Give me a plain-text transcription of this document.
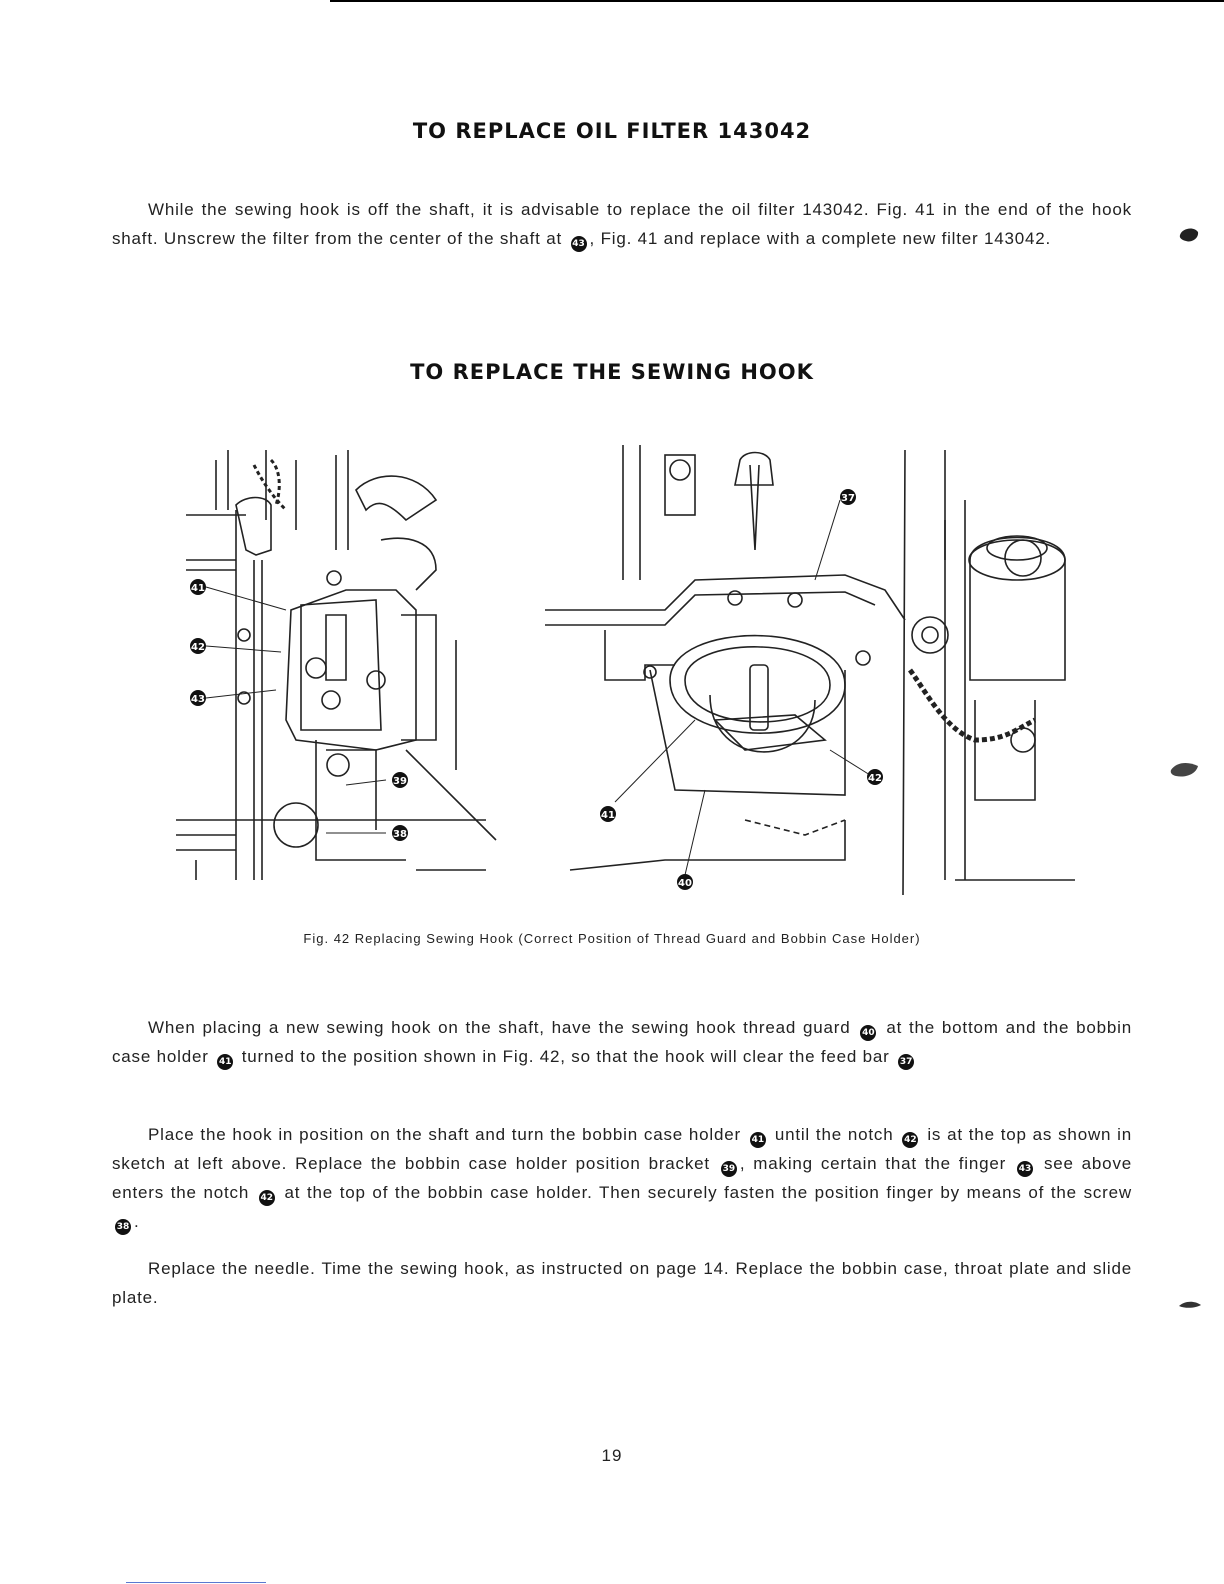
TO REPLACE OIL FILTER 143042

While the sewing hook is off the shaft, it is advisable to replace the oil filter 143042. Fig. 41 in the end of the hook shaft. Unscrew the filter from the center of the shaft at 43 , Fig. 41 and replace with a complete new filter 143042.

TO REPLACE THE SEWING HOOK
41
42
43
39
38
37
42
41
40
Fig. 42 Replacing Sewing Hook (Correct Position of Thread Guard and Bobbin Case Holder)

When placing a new sewing hook on the shaft, have the sewing hook thread guard 40 at the bottom and the bobbin case holder 41 turned to the position shown in Fig. 42, so that the hook will clear the feed bar 37

Place the hook in position on the shaft and turn the bobbin case holder 41 until the notch 42 is at the top as shown in sketch at left above. Replace the bobbin case holder position bracket 39 , making certain that the finger 43 see above enters the notch 42 at the top of the bobbin case holder. Then securely fasten the position finger by means of the screw 38 .

Replace the needle. Time the sewing hook, as instructed on page 14. Replace the bobbin case, throat plate and slide plate.

19
